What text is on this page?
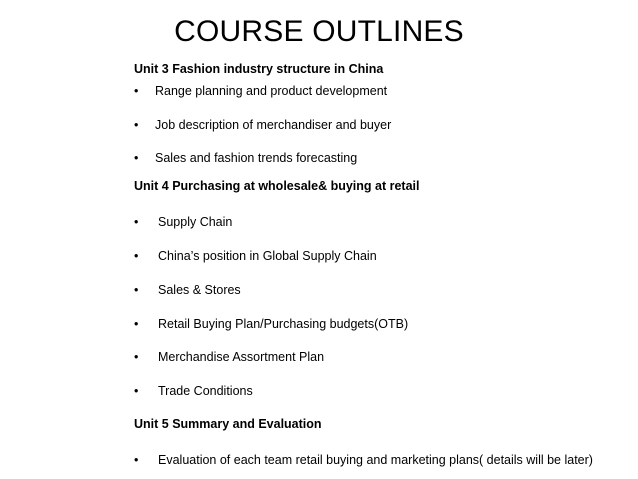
COURSE OUTLINES
Unit 3 Fashion industry structure in China
• Range planning and product development
• Job description of merchandiser and buyer
• Sales and fashion trends forecasting
Unit 4 Purchasing at wholesale& buying at retail
• Supply Chain
• China’s position in Global Supply Chain
• Sales & Stores
• Retail Buying Plan/Purchasing budgets(OTB)
• Merchandise Assortment Plan
• Trade Conditions
Unit 5 Summary and Evaluation
• Evaluation of each team retail buying and marketing plans( details will be later)
